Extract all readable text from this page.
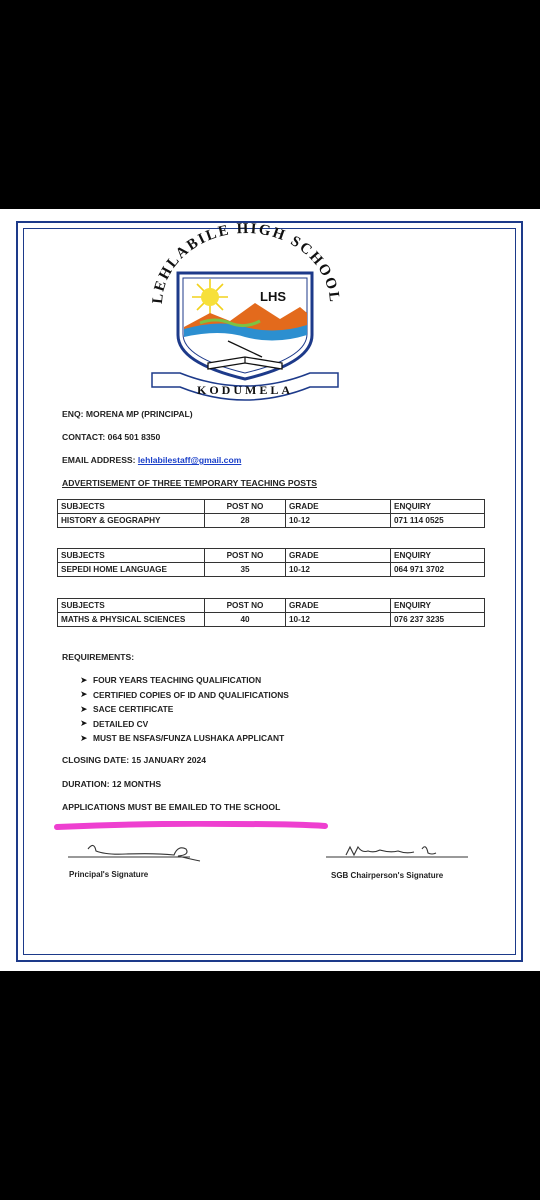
LEHLABILE HIGH SCHOOL
LHS
KODUMELA
ENQ: MORENA MP (PRINCIPAL)
CONTACT: 064 501 8350
EMAIL ADDRESS: lehlabilestaff@gmail.com
ADVERTISEMENT OF THREE TEMPORARY TEACHING POSTS
SUBJECTS	POST NO	GRADE	ENQUIRY
HISTORY & GEOGRAPHY	28	10-12	071 114 0525
SUBJECTS	POST NO	GRADE	ENQUIRY
SEPEDI HOME LANGUAGE	35	10-12	064 971 3702
SUBJECTS	POST NO	GRADE	ENQUIRY
MATHS & PHYSICAL SCIENCES	40	10-12	076 237 3235
REQUIREMENTS:
➤ FOUR YEARS TEACHING QUALIFICATION
➤ CERTIFIED COPIES OF ID AND QUALIFICATIONS
➤ SACE CERTIFICATE
➤ DETAILED CV
➤ MUST BE NSFAS/FUNZA LUSHAKA APPLICANT
CLOSING DATE: 15 JANUARY 2024
DURATION: 12 MONTHS
APPLICATIONS MUST BE EMAILED TO THE SCHOOL
Principal's Signature	SGB Chairperson's Signature
